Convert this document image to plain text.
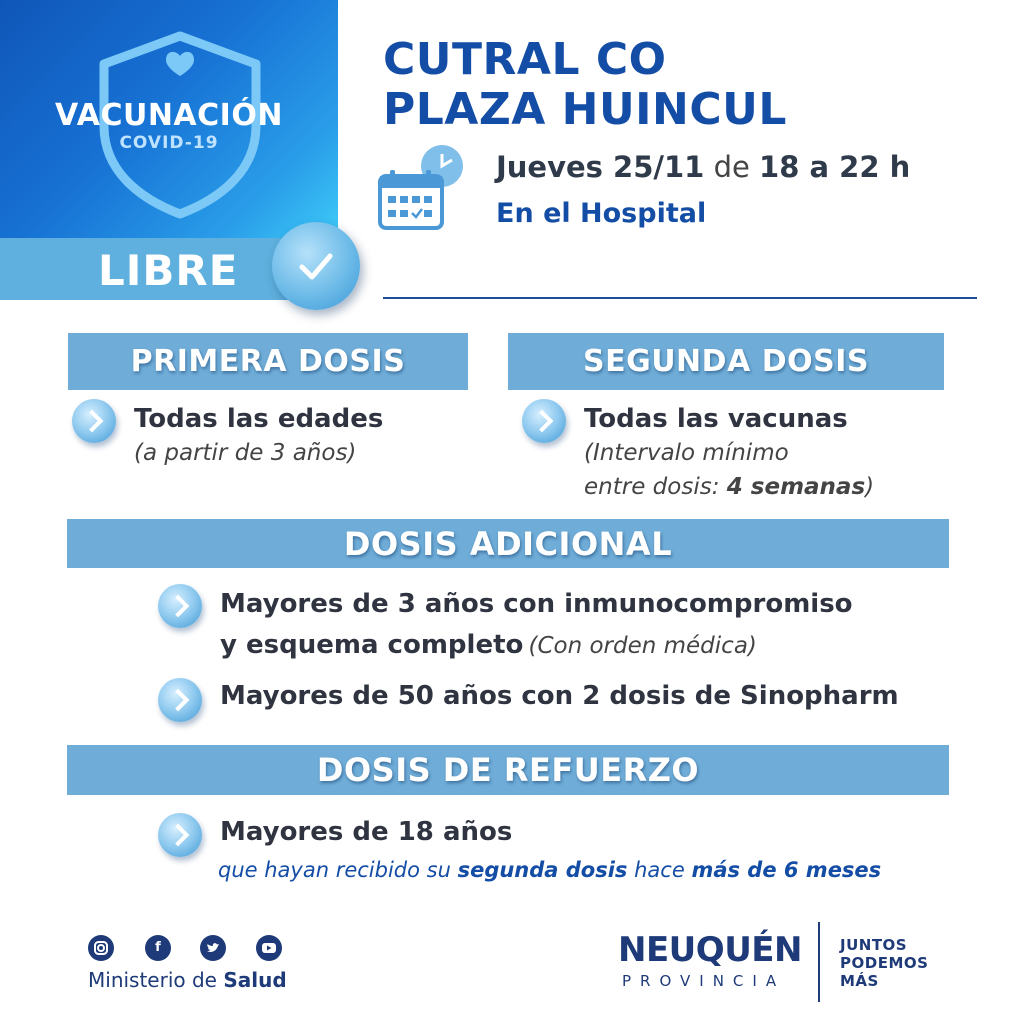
VACUNACIÓN
COVID-19
LIBRE
CUTRAL CO
PLAZA HUINCUL
Jueves 25/11 de 18 a 22 h
En el Hospital
PRIMERA DOSIS
Todas las edades
(a partir de 3 años)
SEGUNDA DOSIS
Todas las vacunas
(Intervalo mínimo
entre dosis: 4 semanas)
DOSIS ADICIONAL
Mayores de 3 años con inmunocompromiso
y esquema completo (Con orden médica)
Mayores de 50 años con 2 dosis de Sinopharm
DOSIS DE REFUERZO
Mayores de 18 años
que hayan recibido su segunda dosis hace más de 6 meses
f
Ministerio de Salud
NEUQUÉN
PROVINCIA
JUNTOS
PODEMOS
MÁS
